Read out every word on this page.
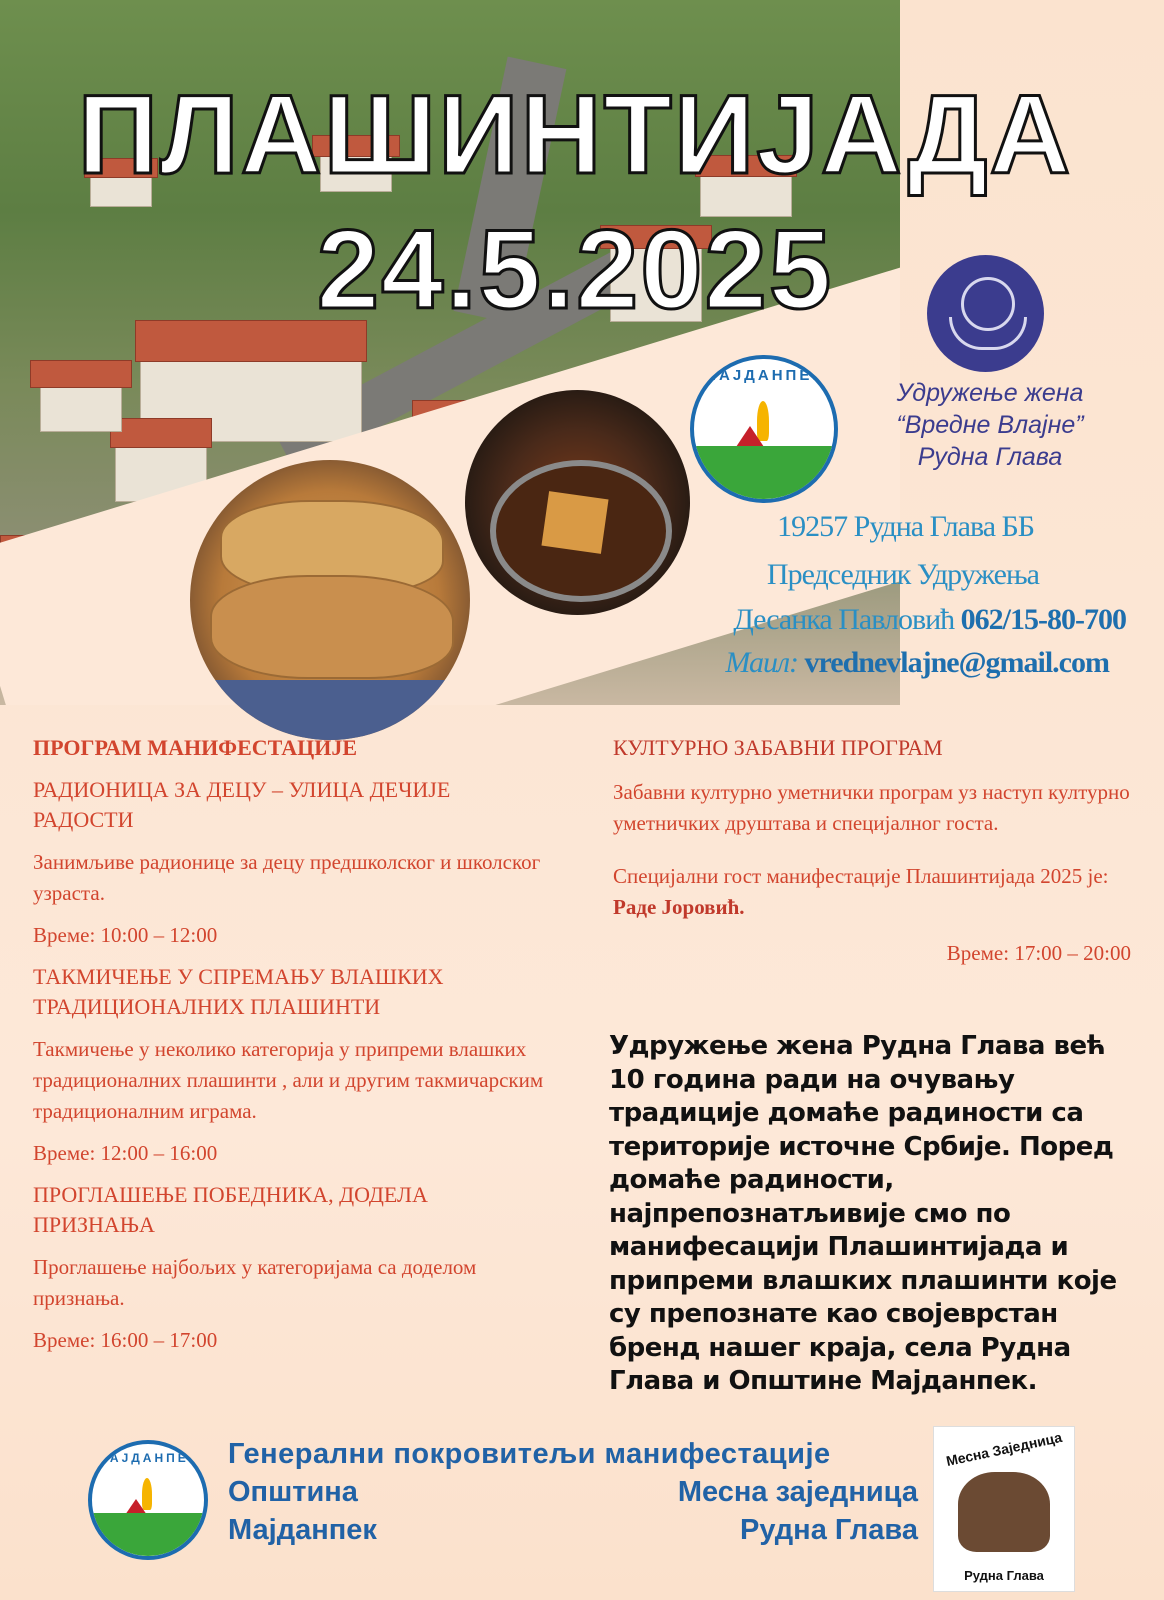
ПЛАШИНТИЈАДА
24.5.2025
МАЈДАНПЕК
Удружење жена
“Вредне Влајне”
Рудна Глава
19257 Рудна Глава ББ
Председник Удружења
Десанка Павловић 062/15-80-700
Маил: vrednevlajne@gmail.com
ПРОГРАМ МАНИФЕСТАЦИЈЕ
РАДИОНИЦА ЗА ДЕЦУ – УЛИЦА ДЕЧИЈЕ РАДОСТИ
Занимљиве радионице за децу предшколског и школског узраста.
Време: 10:00 – 12:00
ТАКМИЧЕЊЕ У СПРЕМАЊУ ВЛАШКИХ ТРАДИЦИОНАЛНИХ ПЛАШИНТИ
Такмичење у неколико категорија у припреми влашких традиционалних плашинти , али и другим такмичарским традиционалним играма.
Време: 12:00 – 16:00
ПРОГЛАШЕЊЕ ПОБЕДНИКА, ДОДЕЛА ПРИЗНАЊА
Проглашење најбољих у категоријама са доделом признања.
Време: 16:00 – 17:00
КУЛТУРНО ЗАБАВНИ ПРОГРАМ
Забавни културно уметнички програм уз наступ културно уметничких друштава и специјалног госта.
Специјални гост манифестације Плашинтијада 2025 је: Раде Јоровић.
Време: 17:00 – 20:00
Удружење жена Рудна Глава већ 10 година ради на очувању традиције домаће радиности са територије источне Србије. Поред домаће радиности, најпрепознатљивије смо по манифесацији Плашинтијада и припреми влашких плашинти које су препознате као својеврстан бренд нашег краја, села Рудна Глава и Општине Мајданпек.
МАЈДАНПЕК Генерални покровитељи манифестације
Општина	Месна заједница
Мајданпек	Рудна Глава
Месна Заједница
Рудна Глава
